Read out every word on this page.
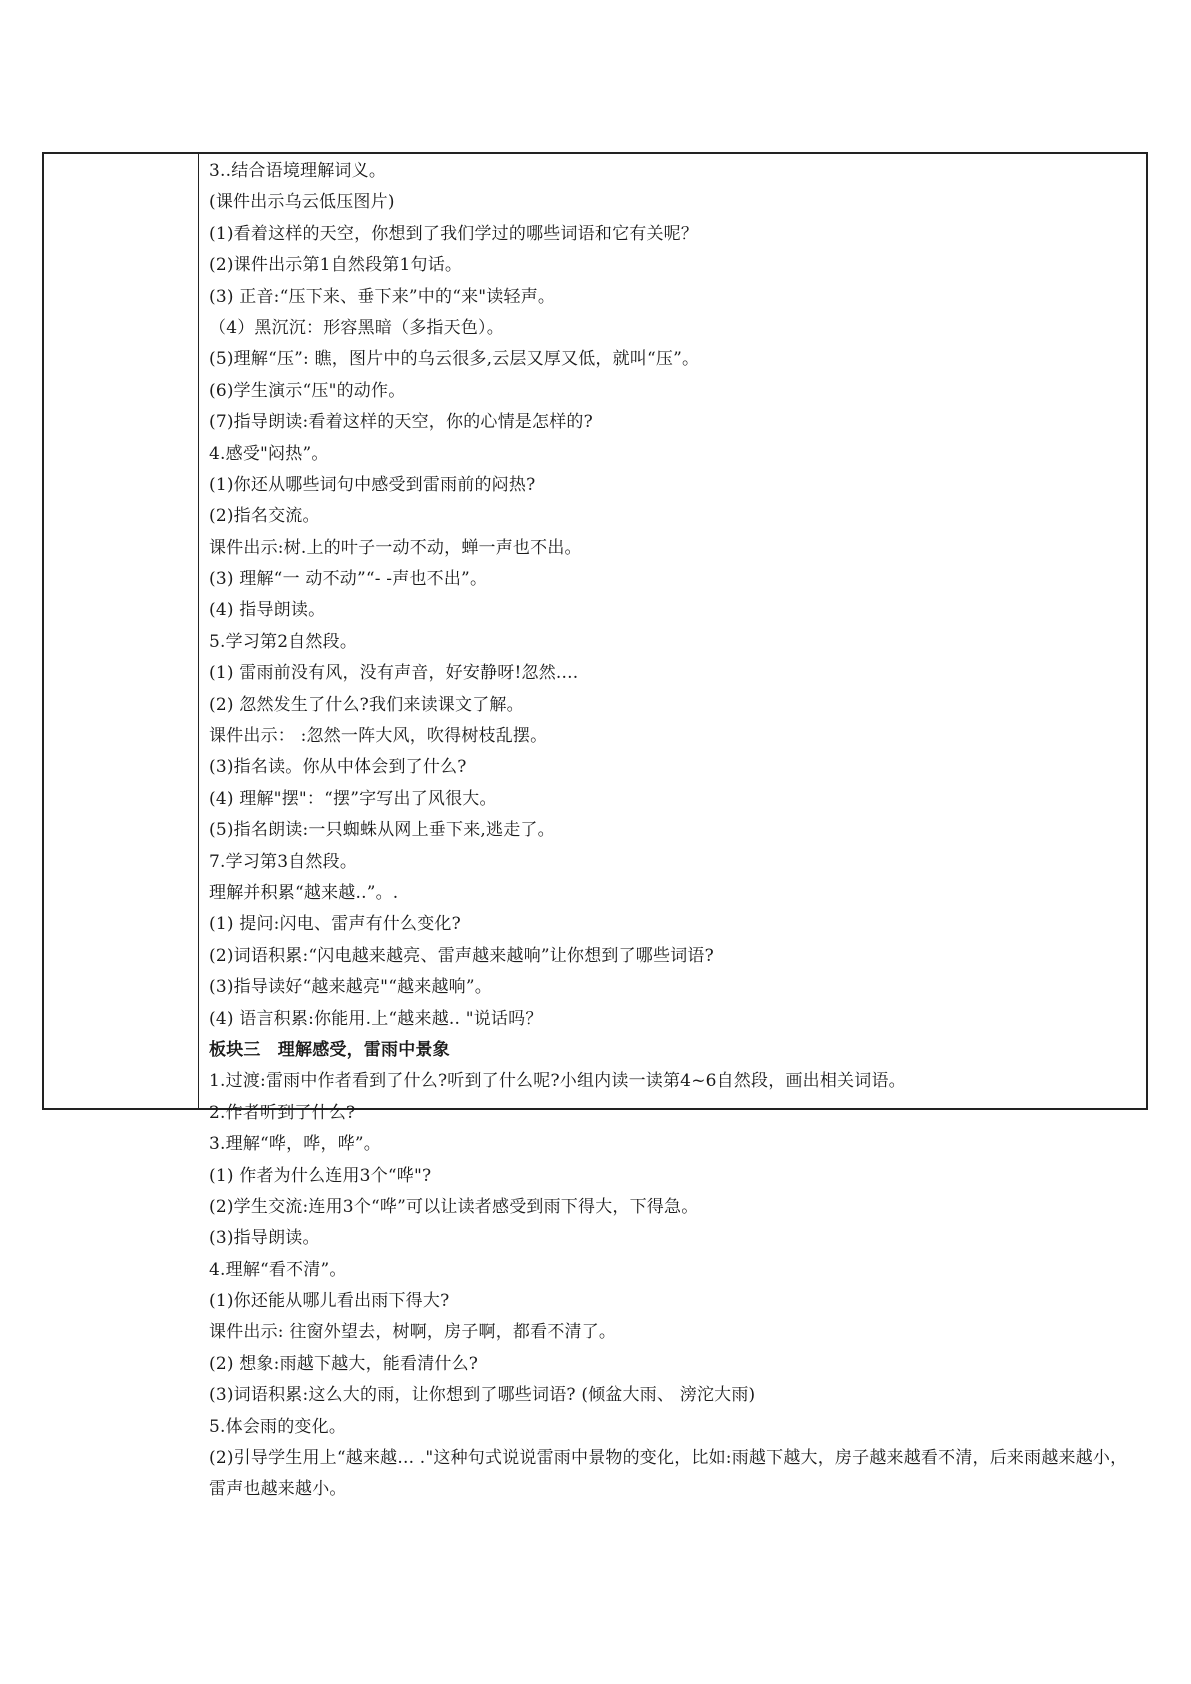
3..结合语境理解词义。
(课件出示乌云低压图片)
(1)看着这样的天空，你想到了我们学过的哪些词语和它有关呢？
(2)课件出示第1自然段第1句话。
(3) 正音:“压下来、垂下来”中的“来"读轻声。
（4）黑沉沉：形容黑暗（多指天色）。
(5)理解“压”: 瞧，图片中的乌云很多,云层又厚又低，就叫“压”。
(6)学生演示“压"的动作。
(7)指导朗读:看着这样的天空，你的心情是怎样的?
4.感受"闷热”。
(1)你还从哪些词句中感受到雷雨前的闷热?
(2)指名交流。
课件出示:树.上的叶子一动不动，蝉一声也不出。
(3) 理解“一 动不动”“- -声也不出”。
(4) 指导朗读。
5.学习第2自然段。
(1) 雷雨前没有风，没有声音，好安静呀!忽然....
(2) 忽然发生了什么?我们来读课文了解。
课件出示： :忽然一阵大风，吹得树枝乱摆。
(3)指名读。你从中体会到了什么?
(4) 理解"摆"：“摆”字写出了风很大。
(5)指名朗读:一只蜘蛛从网上垂下来,逃走了。
7.学习第3自然段。
理解并积累“越来越..”。.
(1) 提问:闪电、雷声有什么变化?
(2)词语积累:“闪电越来越亮、雷声越来越响”让你想到了哪些词语?
(3)指导读好“越来越亮"“越来越响”。
(4) 语言积累:你能用.上“越来越.. "说话吗？
板块三　理解感受，雷雨中景象
1.过渡:雷雨中作者看到了什么?听到了什么呢?小组内读一读第4~6自然段，画出相关词语。
2.作者听到了什么?
3.理解“哗，哗，哗”。
(1) 作者为什么连用3个“哗"?
(2)学生交流:连用3个“哗”可以让读者感受到雨下得大，下得急。
(3)指导朗读。
4.理解“看不清”。
(1)你还能从哪儿看出雨下得大?
课件出示: 往窗外望去，树啊，房子啊，都看不清了。
(2) 想象:雨越下越大，能看清什么?
(3)词语积累:这么大的雨，让你想到了哪些词语? (倾盆大雨、 滂沱大雨)
5.体会雨的变化。
(2)引导学生用上“越来越... ."这种句式说说雷雨中景物的变化，比如:雨越下越大，房子越来越看不清，后来雨越来越小，雷声也越来越小。
